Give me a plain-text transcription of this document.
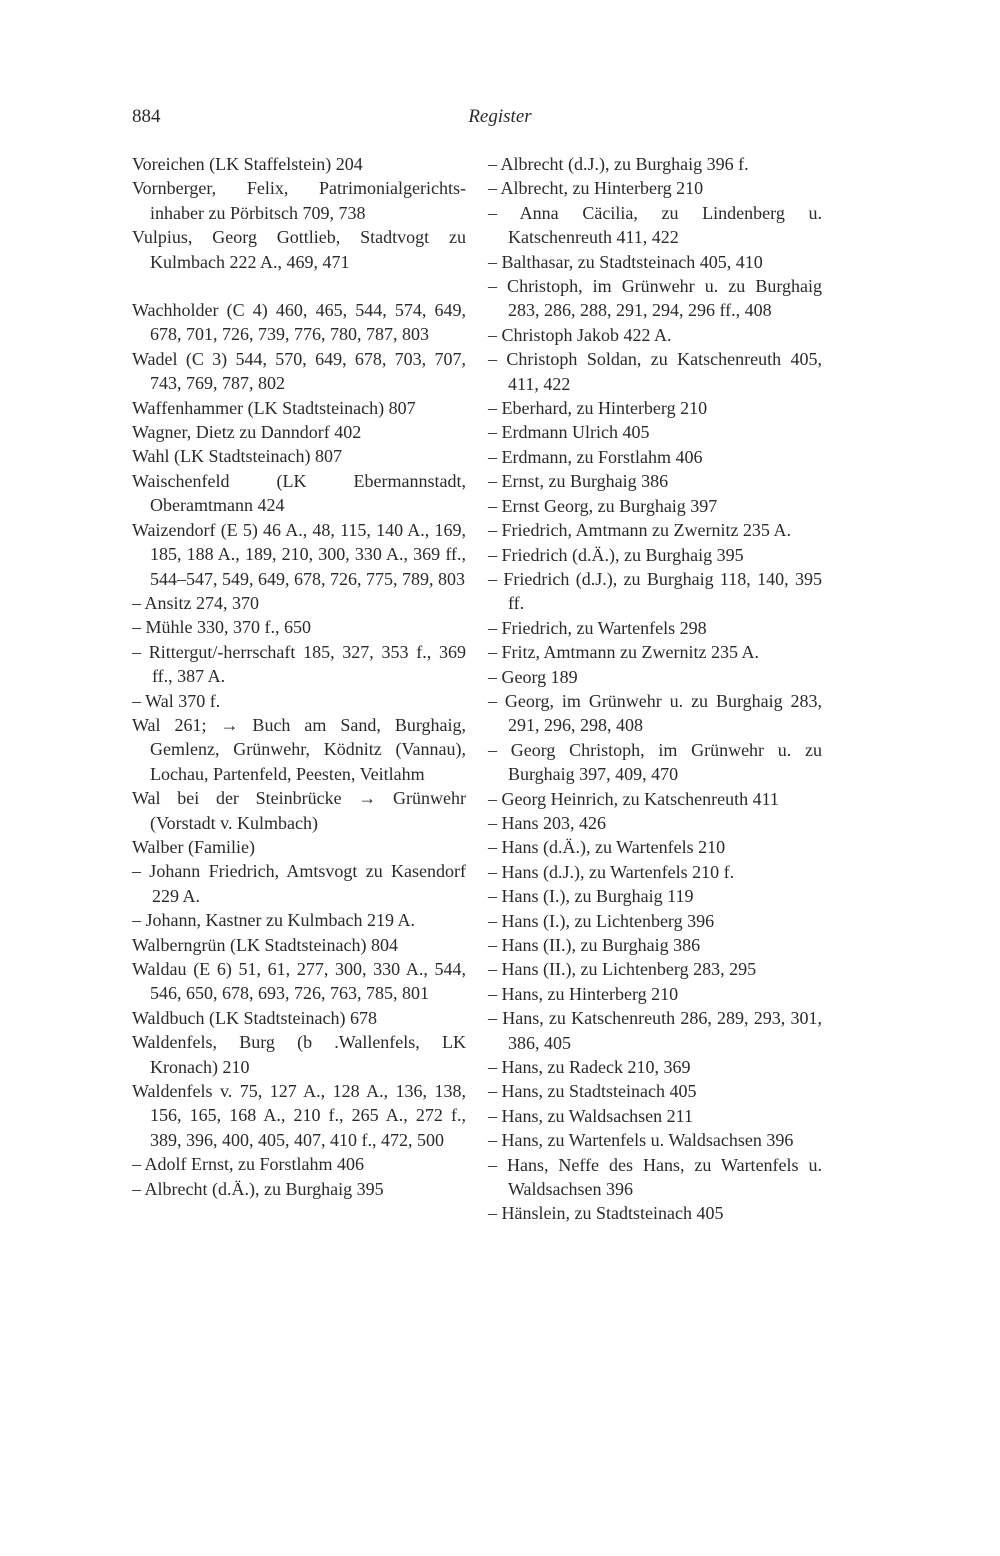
884	Register
Voreichen (LK Staffelstein) 204
Vornberger, Felix, Patrimonialgerichts-inhaber zu Pörbitsch 709, 738
Vulpius, Georg Gottlieb, Stadtvogt zu Kulmbach 222 A., 469, 471
Wachholder (C 4) 460, 465, 544, 574, 649, 678, 701, 726, 739, 776, 780, 787, 803
Wadel (C 3) 544, 570, 649, 678, 703, 707, 743, 769, 787, 802
Waffenhammer (LK Stadtsteinach) 807
Wagner, Dietz zu Danndorf 402
Wahl (LK Stadtsteinach) 807
Waischenfeld (LK Ebermannstadt, Oberamtmann 424
Waizendorf (E 5) 46 A., 48, 115, 140 A., 169, 185, 188 A., 189, 210, 300, 330 A., 369 ff., 544–547, 549, 649, 678, 726, 775, 789, 803
– Ansitz 274, 370
– Mühle 330, 370 f., 650
– Rittergut/-herrschaft 185, 327, 353 f., 369 ff., 387 A.
– Wal 370 f.
Wal 261; → Buch am Sand, Burghaig, Gemlenz, Grünwehr, Ködnitz (Vannau), Lochau, Partenfeld, Peesten, Veitlahm
Wal bei der Steinbrücke → Grünwehr (Vorstadt v. Kulmbach)
Walber (Familie)
– Johann Friedrich, Amtsvogt zu Kasendorf 229 A.
– Johann, Kastner zu Kulmbach 219 A.
Walberngrün (LK Stadtsteinach) 804
Waldau (E 6) 51, 61, 277, 300, 330 A., 544, 546, 650, 678, 693, 726, 763, 785, 801
Waldbuch (LK Stadtsteinach) 678
Waldenfels, Burg (b .Wallenfels, LK Kronach) 210
Waldenfels v. 75, 127 A., 128 A., 136, 138, 156, 165, 168 A., 210 f., 265 A., 272 f., 389, 396, 400, 405, 407, 410 f., 472, 500
– Adolf Ernst, zu Forstlahm 406
– Albrecht (d.Ä.), zu Burghaig 395
– Albrecht (d.J.), zu Burghaig 396 f.
– Albrecht, zu Hinterberg 210
– Anna Cäcilia, zu Lindenberg u. Katschenreuth 411, 422
– Balthasar, zu Stadtsteinach 405, 410
– Christoph, im Grünwehr u. zu Burghaig 283, 286, 288, 291, 294, 296 ff., 408
– Christoph Jakob 422 A.
– Christoph Soldan, zu Katschenreuth 405, 411, 422
– Eberhard, zu Hinterberg 210
– Erdmann Ulrich 405
– Erdmann, zu Forstlahm 406
– Ernst, zu Burghaig 386
– Ernst Georg, zu Burghaig 397
– Friedrich, Amtmann zu Zwernitz 235 A.
– Friedrich (d.Ä.), zu Burghaig 395
– Friedrich (d.J.), zu Burghaig 118, 140, 395 ff.
– Friedrich, zu Wartenfels 298
– Fritz, Amtmann zu Zwernitz 235 A.
– Georg 189
– Georg, im Grünwehr u. zu Burghaig 283, 291, 296, 298, 408
– Georg Christoph, im Grünwehr u. zu Burghaig 397, 409, 470
– Georg Heinrich, zu Katschenreuth 411
– Hans 203, 426
– Hans (d.Ä.), zu Wartenfels 210
– Hans (d.J.), zu Wartenfels 210 f.
– Hans (I.), zu Burghaig 119
– Hans (I.), zu Lichtenberg 396
– Hans (II.), zu Burghaig 386
– Hans (II.), zu Lichtenberg 283, 295
– Hans, zu Hinterberg 210
– Hans, zu Katschenreuth 286, 289, 293, 301, 386, 405
– Hans, zu Radeck 210, 369
– Hans, zu Stadtsteinach 405
– Hans, zu Waldsachsen 211
– Hans, zu Wartenfels u. Waldsachsen 396
– Hans, Neffe des Hans, zu Wartenfels u. Waldsachsen 396
– Hänslein, zu Stadtsteinach 405
